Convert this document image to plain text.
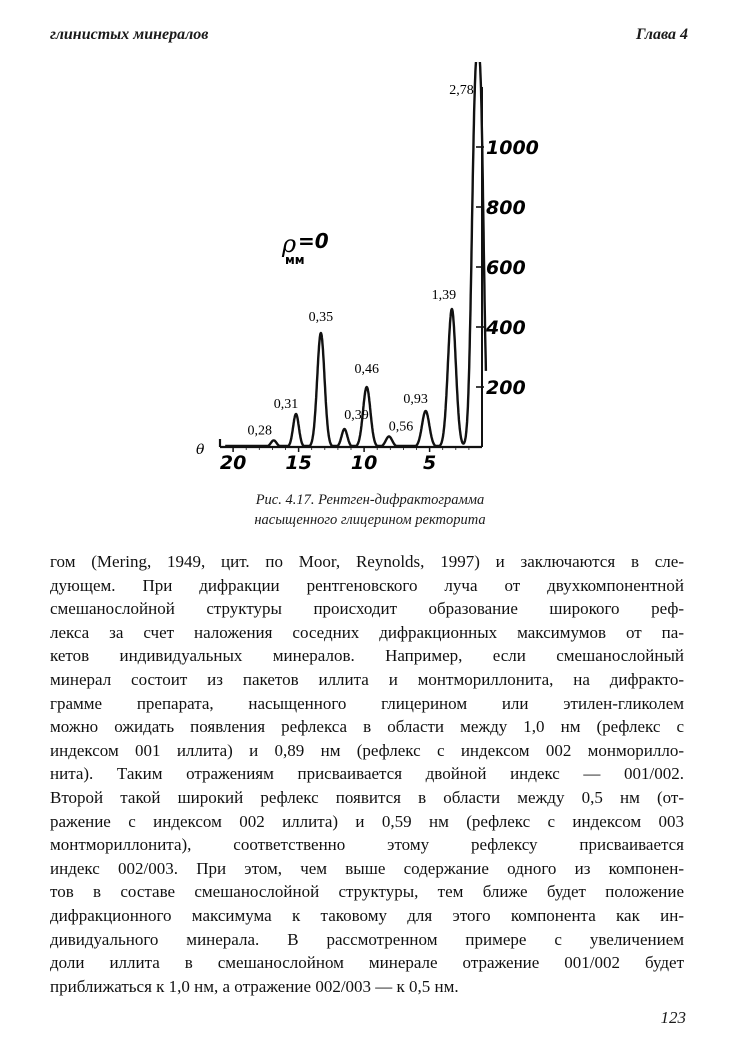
глинистых минералов	Глава 4
20 15 10 5
200
400
600
800
1000
0,28
0,31
0,35
0,39
0,46
0,56
0,93
1,39
2,78
ρ =0
мм
θ
Рис. 4.17. Рентген-дифрактограмма
насыщенного глицерином ректорита
гом (Mering, 1949, цит. по Moor, Reynolds, 1997) и заключаются в сле-
дующем. При дифракции рентгеновского луча от двухкомпонентной
смешанослойной структуры происходит образование широкого реф-
лекса за счет наложения соседних дифракционных максимумов от па-
кетов индивидуальных минералов. Например, если смешанослойный
минерал состоит из пакетов иллита и монтмориллонита, на дифракто-
грамме препарата, насыщенного глицерином или этилен-гликолем
можно ожидать появления рефлекса в области между 1,0 нм (рефлекс с
индексом 001 иллита) и 0,89 нм (рефлекс с индексом 002 монморилло-
нита). Таким отражениям присваивается двойной индекс — 001/002.
Второй такой широкий рефлекс появится в области между 0,5 нм (от-
ражение с индексом 002 иллита) и 0,59 нм (рефлекс с индексом 003
монтмориллонита), соответственно этому рефлексу присваивается
индекс 002/003. При этом, чем выше содержание одного из компонен-
тов в составе смешанослойной структуры, тем ближе будет положение
дифракционного максимума к таковому для этого компонента как ин-
дивидуального минерала. В рассмотренном примере с увеличением
доли иллита в смешанослойном минерале отражение 001/002 будет
приближаться к 1,0 нм, а отражение 002/003 — к 0,5 нм.
123
